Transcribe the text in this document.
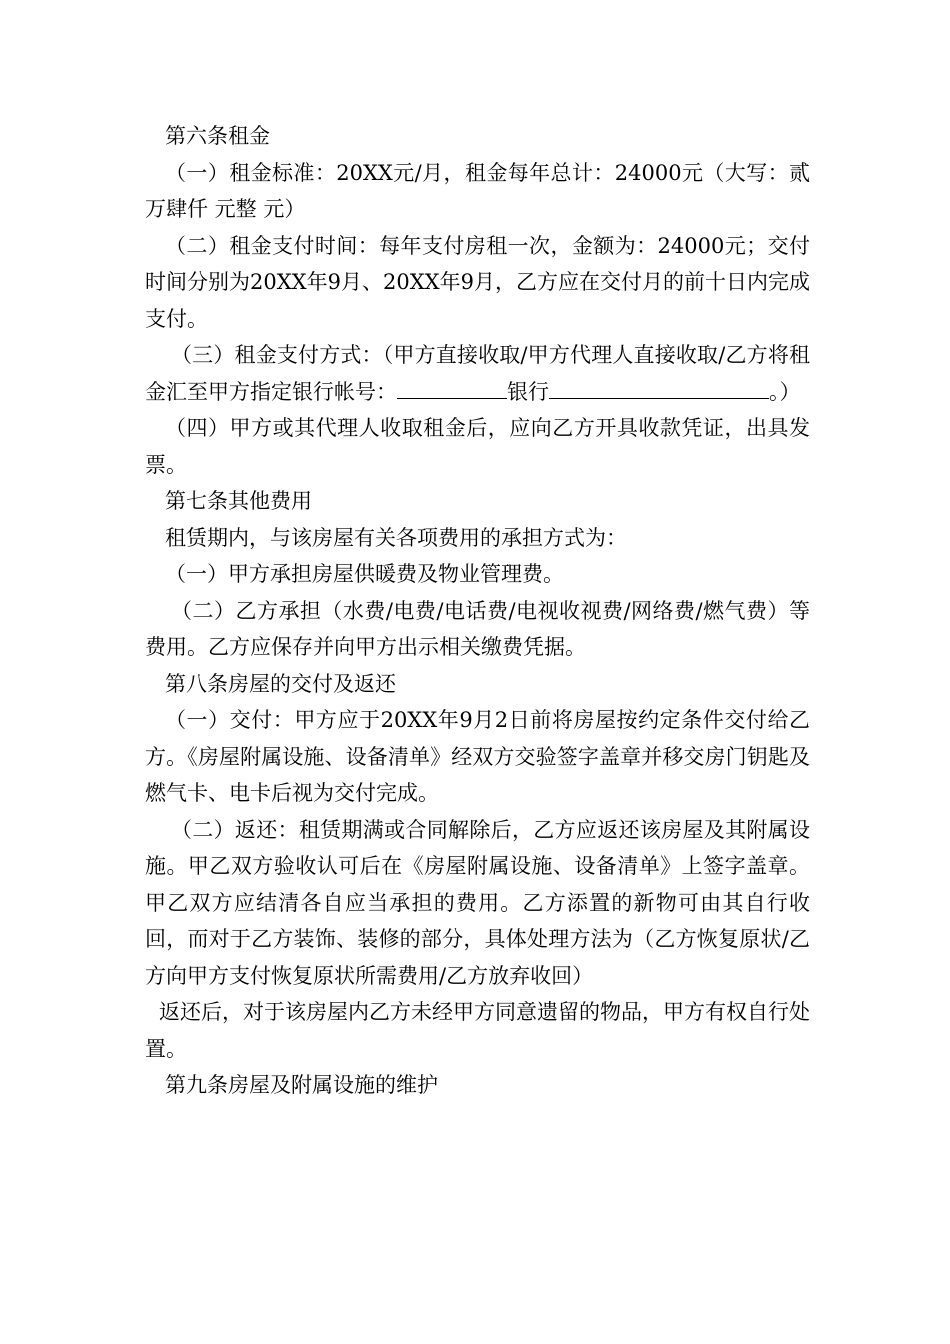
第六条租金

（一）租金标准：20XX元/月，租金每年总计：24000元（大写：贰万肆仟 元整 元）

（二）租金支付时间：每年支付房租一次，金额为：24000元；交付时间分别为20XX年9月、20XX年9月，乙方应在交付月的前十日内完成支付。

（三）租金支付方式：（甲方直接收取/甲方代理人直接收取/乙方将租金汇至甲方指定银行帐号：	银行	。）

（四）甲方或其代理人收取租金后，应向乙方开具收款凭证，出具发票。

第七条其他费用

租赁期内，与该房屋有关各项费用的承担方式为：

（一）甲方承担房屋供暖费及物业管理费。

（二）乙方承担（水费/电费/电话费/电视收视费/网络费/燃气费）等费用。乙方应保存并向甲方出示相关缴费凭据。

第八条房屋的交付及返还

（一）交付：甲方应于20XX年9月2日前将房屋按约定条件交付给乙方。《房屋附属设施、设备清单》经双方交验签字盖章并移交房门钥匙及燃气卡、电卡后视为交付完成。

（二）返还：租赁期满或合同解除后，乙方应返还该房屋及其附属设施。甲乙双方验收认可后在《房屋附属设施、设备清单》上签字盖章。甲乙双方应结清各自应当承担的费用。乙方添置的新物可由其自行收回，而对于乙方装饰、装修的部分，具体处理方法为（乙方恢复原状/乙方向甲方支付恢复原状所需费用/乙方放弃收回）

返还后，对于该房屋内乙方未经甲方同意遗留的物品，甲方有权自行处置。

第九条房屋及附属设施的维护
